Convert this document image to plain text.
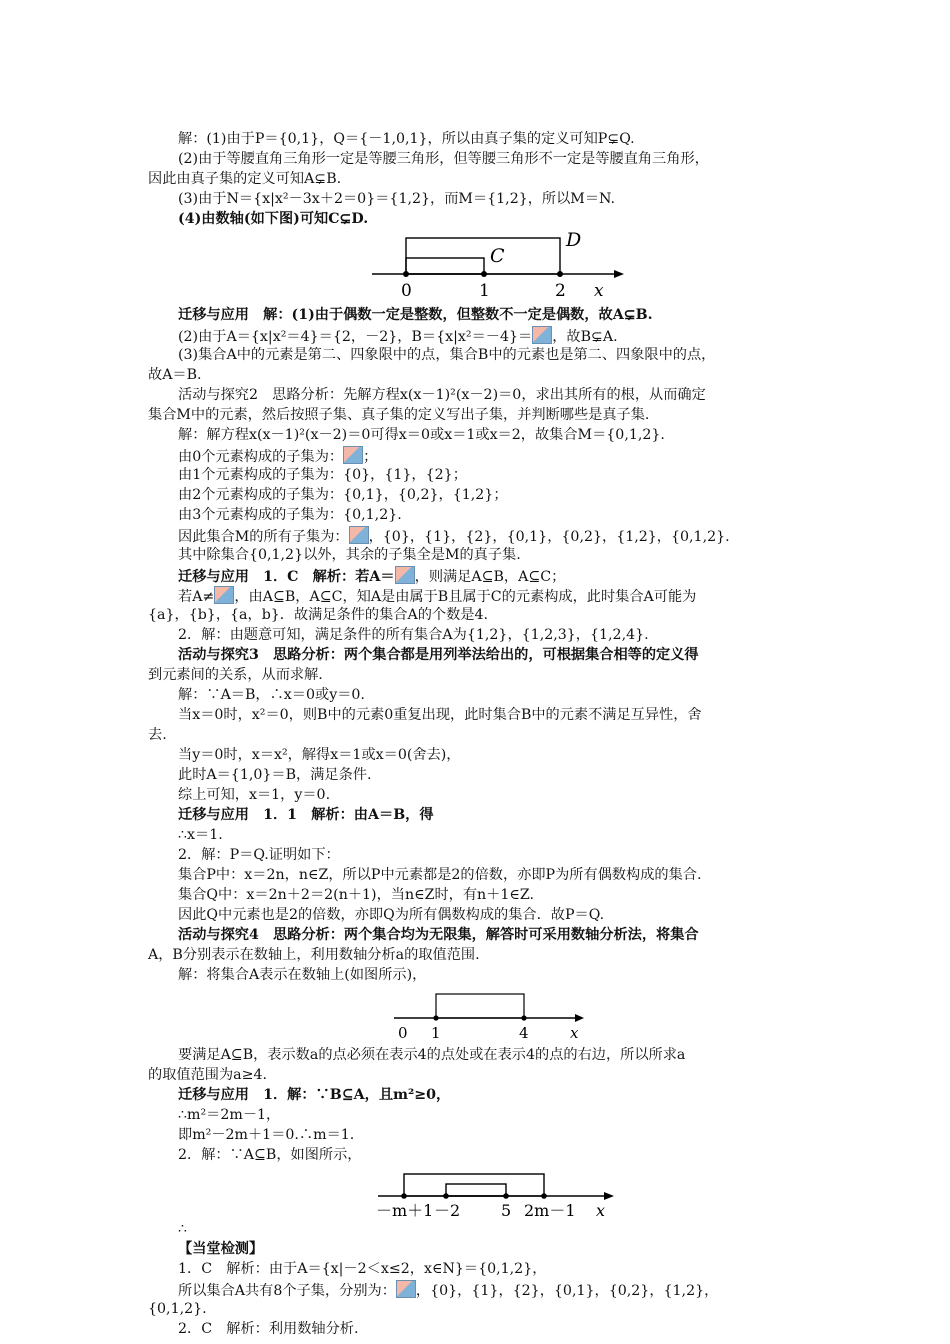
解：(1)由于P＝{0,1}，Q＝{－1,0,1}，所以由真子集的定义可知P⊊Q.
(2)由于等腰直角三角形一定是等腰三角形，但等腰三角形不一定是等腰直角三角形，
因此由真子集的定义可知A⊊B.
(3)由于N＝{x|x²－3x＋2＝0}＝{1,2}，而M＝{1,2}，所以M＝N.
(4)由数轴(如下图)可知C⊊D.
0	1	2 x
C
D
迁移与应用　解：(1)由于偶数一定是整数，但整数不一定是偶数，故A⊊B.
(2)由于A＝{x|x²＝4}＝{2，－2}，B＝{x|x²＝－4}＝ ，故B⊊A.
(3)集合A中的元素是第二、四象限中的点，集合B中的元素也是第二、四象限中的点，
故A＝B.
活动与探究2　思路分析：先解方程x(x－1)²(x－2)＝0，求出其所有的根，从而确定
集合M中的元素，然后按照子集、真子集的定义写出子集，并判断哪些是真子集.
解：解方程x(x－1)²(x－2)＝0可得x＝0或x＝1或x＝2，故集合M＝{0,1,2}.
由0个元素构成的子集为： ；
由1个元素构成的子集为：{0}，{1}，{2}；
由2个元素构成的子集为：{0,1}，{0,2}，{1,2}；
由3个元素构成的子集为：{0,1,2}.
因此集合M的所有子集为： ，{0}，{1}，{2}，{0,1}，{0,2}，{1,2}，{0,1,2}.
其中除集合{0,1,2}以外，其余的子集全是M的真子集.
迁移与应用　1．C　解析：若A＝ ，则满足A⊆B，A⊆C；
若A≠ ，由A⊆B，A⊆C，知A是由属于B且属于C的元素构成，此时集合A可能为
{a}，{b}，{a，b}．故满足条件的集合A的个数是4.
2．解：由题意可知，满足条件的所有集合A为{1,2}，{1,2,3}，{1,2,4}.
活动与探究3　思路分析：两个集合都是用列举法给出的，可根据集合相等的定义得
到元素间的关系，从而求解.
解：∵A＝B，∴x＝0或y＝0.
当x＝0时，x²＝0，则B中的元素0重复出现，此时集合B中的元素不满足互异性，舍
去.
当y＝0时，x＝x²，解得x＝1或x＝0(舍去)，
此时A＝{1,0}＝B，满足条件.
综上可知，x＝1，y＝0.
迁移与应用　1．1　解析：由A＝B，得
∴x＝1.
2．解：P＝Q.证明如下：
集合P中：x＝2n，n∈Z，所以P中元素都是2的倍数，亦即P为所有偶数构成的集合.
集合Q中：x＝2n＋2＝2(n＋1)，当n∈Z时，有n＋1∈Z.
因此Q中元素也是2的倍数，亦即Q为所有偶数构成的集合．故P＝Q.
活动与探究4　思路分析：两个集合均为无限集，解答时可采用数轴分析法，将集合
A，B分别表示在数轴上，利用数轴分析a的取值范围.
解：将集合A表示在数轴上(如图所示)，
0 1	4	x
要满足A⊆B，表示数a的点必须在表示4的点处或在表示4的点的右边，所以所求a
的取值范围为a≥4.
迁移与应用　1．解：∵B⊆A，且m²≥0，
∴m²＝2m－1，
即m²－2m＋1＝0.∴m＝1.
2．解：∵A⊆B，如图所示，
－m＋1 －2	5 2m－1 x
∴
【当堂检测】
1．C　解析：由于A＝{x|－2＜x≤2，x∈N}＝{0,1,2}，
所以集合A共有8个子集，分别为： ，{0}，{1}，{2}，{0,1}，{0,2}，{1,2}，
{0,1,2}.
2．C　解析：利用数轴分析.
